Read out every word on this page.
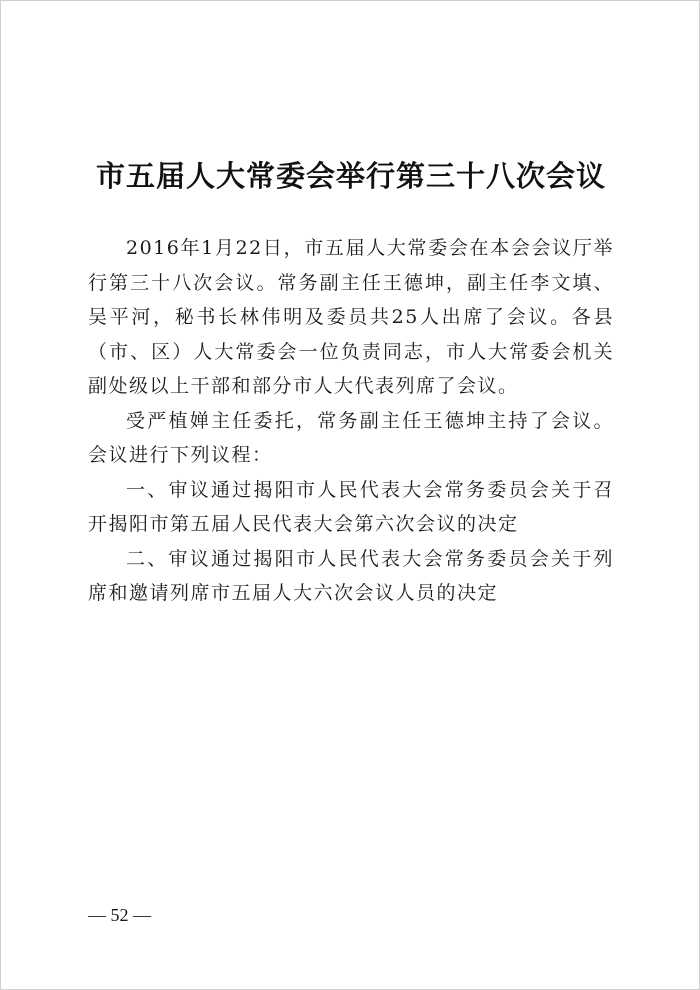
市五届人大常委会举行第三十八次会议

2016年1月22日，市五届人大常委会在本会会议厅举行第三十八次会议。常务副主任王德坤，副主任李文填、吴平河，秘书长林伟明及委员共25人出席了会议。各县（市、区）人大常委会一位负责同志，市人大常委会机关副处级以上干部和部分市人大代表列席了会议。

受严植婵主任委托，常务副主任王德坤主持了会议。会议进行下列议程：

一、审议通过揭阳市人民代表大会常务委员会关于召开揭阳市第五届人民代表大会第六次会议的决定

二、审议通过揭阳市人民代表大会常务委员会关于列席和邀请列席市五届人大六次会议人员的决定

— 52 —
